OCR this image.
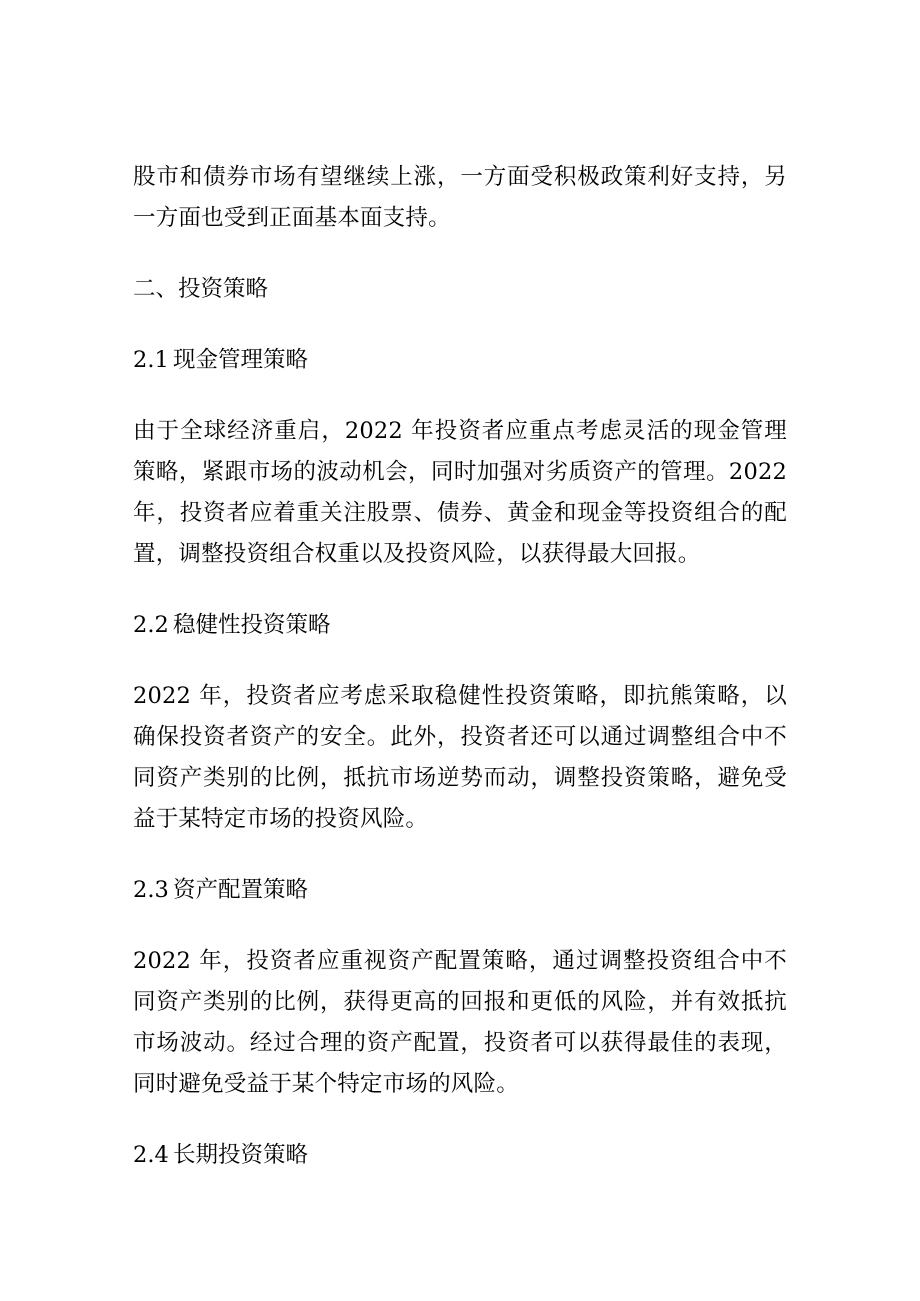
股市和债券市场有望继续上涨，一方面受积极政策利好支持，另一方面也受到正面基本面支持。

二、投资策略

2.1 现金管理策略

由于全球经济重启，2022 年投资者应重点考虑灵活的现金管理策略，紧跟市场的波动机会，同时加强对劣质资产的管理。2022 年，投资者应着重关注股票、债券、黄金和现金等投资组合的配置，调整投资组合权重以及投资风险，以获得最大回报。

2.2 稳健性投资策略

2022 年，投资者应考虑采取稳健性投资策略，即抗熊策略，以确保投资者资产的安全。此外，投资者还可以通过调整组合中不同资产类别的比例，抵抗市场逆势而动，调整投资策略，避免受益于某特定市场的投资风险。

2.3 资产配置策略

2022 年，投资者应重视资产配置策略，通过调整投资组合中不同资产类别的比例，获得更高的回报和更低的风险，并有效抵抗市场波动。经过合理的资产配置，投资者可以获得最佳的表现，同时避免受益于某个特定市场的风险。

2.4 长期投资策略
